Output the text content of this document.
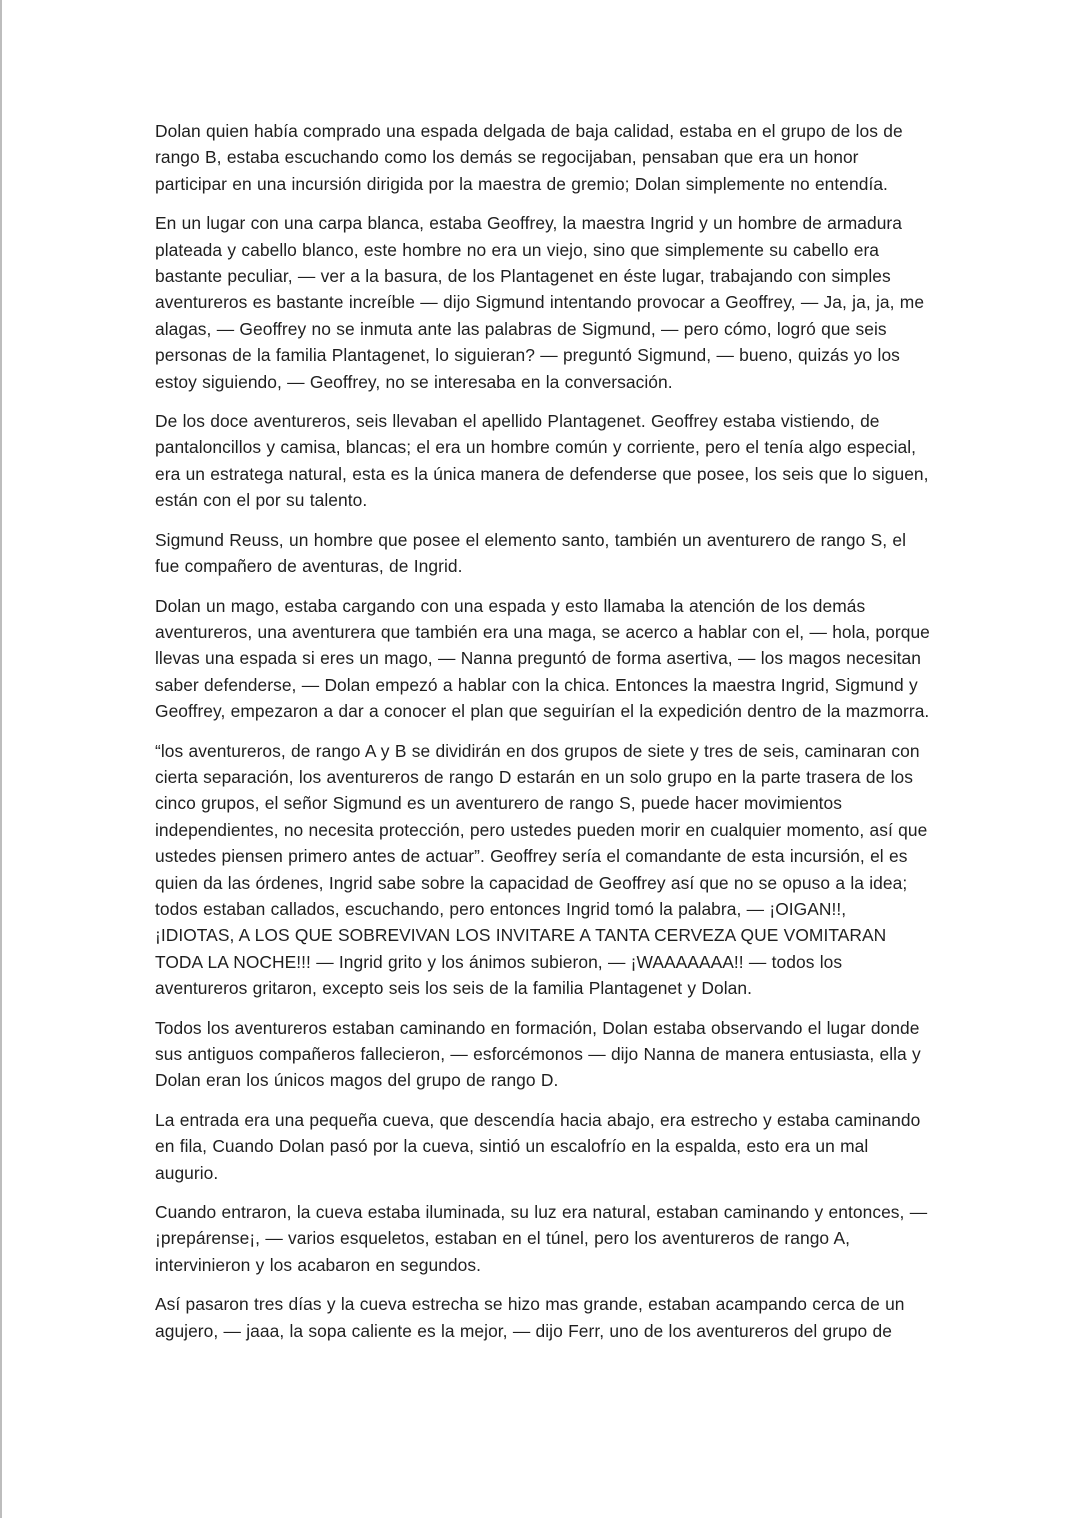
Dolan quien había comprado una espada delgada de baja calidad, estaba en el grupo de los de rango B, estaba escuchando como los demás se regocijaban, pensaban que era un honor participar en una incursión dirigida por la maestra de gremio; Dolan simplemente no entendía.

En un lugar con una carpa blanca, estaba Geoffrey, la maestra Ingrid y un hombre de armadura plateada y cabello blanco, este hombre no era un viejo, sino que simplemente su cabello era bastante peculiar, — ver a la basura, de los Plantagenet en éste lugar, trabajando con simples aventureros es bastante increíble — dijo Sigmund intentando provocar a Geoffrey, — Ja, ja, ja, me alagas, — Geoffrey no se inmuta ante las palabras de Sigmund, — pero cómo, logró que seis personas de la familia Plantagenet, lo siguieran? — preguntó Sigmund, — bueno, quizás yo los estoy siguiendo, — Geoffrey, no se interesaba en la conversación.

De los doce aventureros, seis llevaban el apellido Plantagenet. Geoffrey estaba vistiendo, de pantaloncillos y camisa, blancas; el era un hombre común y corriente, pero el tenía algo especial, era un estratega natural, esta es la única manera de defenderse que posee, los seis que lo siguen, están con el por su talento.

Sigmund Reuss, un hombre que posee el elemento santo, también un aventurero de rango S, el fue compañero de aventuras, de Ingrid.

Dolan un mago, estaba cargando con una espada y esto llamaba la atención de los demás aventureros, una aventurera que también era una maga, se acerco a hablar con el, — hola, porque llevas una espada si eres un mago, — Nanna preguntó de forma asertiva, — los magos necesitan saber defenderse, — Dolan empezó a hablar con la chica. Entonces la maestra Ingrid, Sigmund y Geoffrey, empezaron a dar a conocer el plan que seguirían el la expedición dentro de la mazmorra.

“los aventureros, de rango A y B se dividirán en dos grupos de siete y tres de seis, caminaran con cierta separación, los aventureros de rango D estarán en un solo grupo en la parte trasera de los cinco grupos, el señor Sigmund es un aventurero de rango S, puede hacer movimientos independientes, no necesita protección, pero ustedes pueden morir en cualquier momento, así que ustedes piensen primero antes de actuar”. Geoffrey sería el comandante de esta incursión, el es quien da las órdenes, Ingrid sabe sobre la capacidad de Geoffrey así que no se opuso a la idea; todos estaban callados, escuchando, pero entonces Ingrid tomó la palabra, — ¡OIGAN!!, ¡IDIOTAS, A LOS QUE SOBREVIVAN LOS INVITARE A TANTA CERVEZA QUE VOMITARAN TODA LA NOCHE!!! — Ingrid grito y los ánimos subieron, — ¡WAAAAAAA!! — todos los aventureros gritaron, excepto seis los seis de la familia Plantagenet y Dolan.

Todos los aventureros estaban caminando en formación, Dolan estaba observando el lugar donde sus antiguos compañeros fallecieron, — esforcémonos — dijo Nanna de manera entusiasta, ella y Dolan eran los únicos magos del grupo de rango D.

La entrada era una pequeña cueva, que descendía hacia abajo, era estrecho y estaba caminando en fila, Cuando Dolan pasó por la cueva, sintió un escalofrío en la espalda, esto era un mal augurio.

Cuando entraron, la cueva estaba iluminada, su luz era natural, estaban caminando y entonces, —¡prepárense¡, — varios esqueletos, estaban en el túnel, pero los aventureros de rango A, intervinieron y los acabaron en segundos.

Así pasaron tres días y la cueva estrecha se hizo mas grande, estaban acampando cerca de un agujero, — jaaa, la sopa caliente es la mejor, — dijo Ferr, uno de los aventureros del grupo de
